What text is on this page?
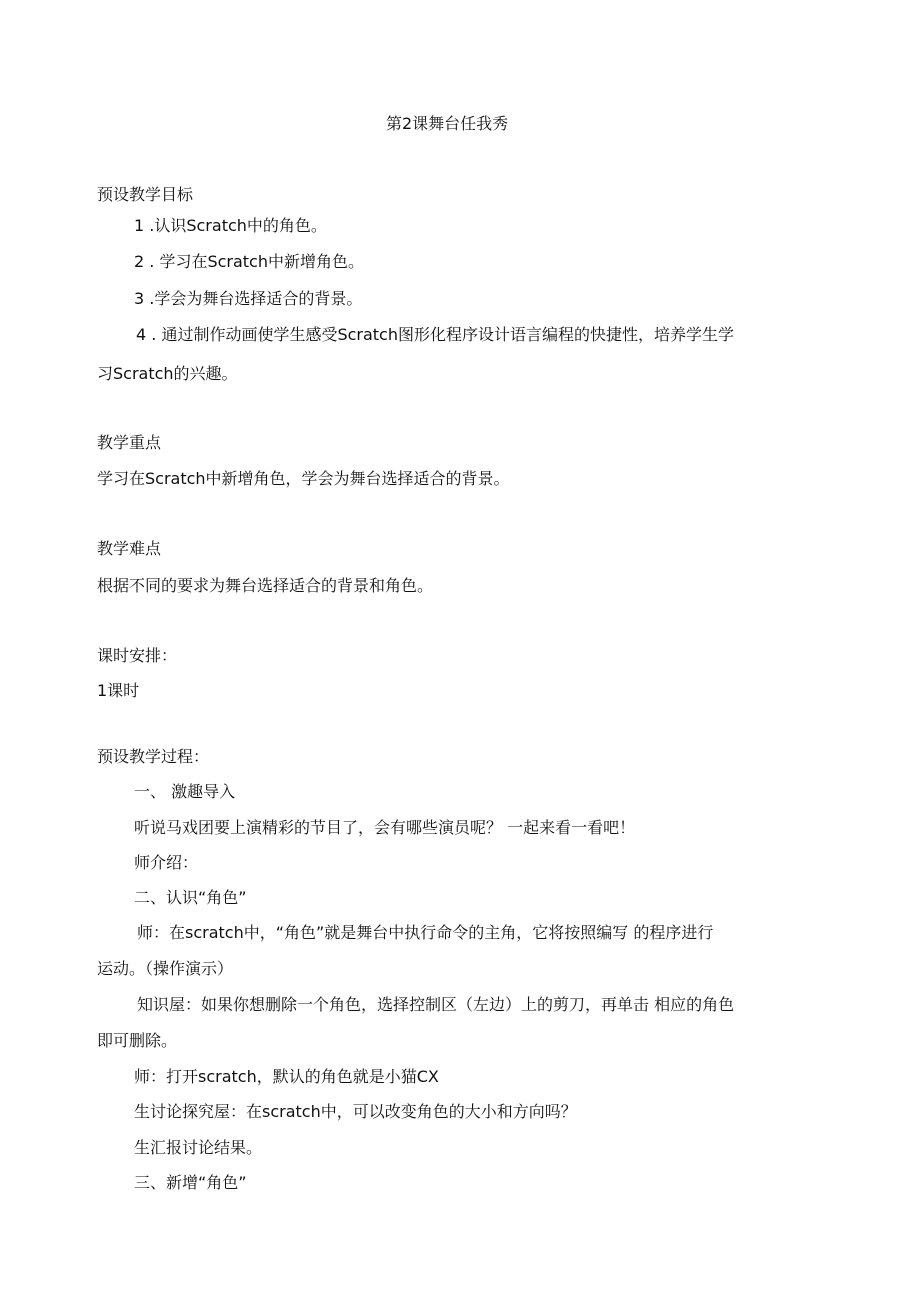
第2课舞台任我秀
预设教学目标
1 .认识Scratch中的角色。
2 . 学习在Scratch中新增角色。
3 .学会为舞台选择适合的背景。
4 . 通过制作动画使学生感受Scratch图形化程序设计语言编程的快捷性，培养学生学
习Scratch的兴趣。
教学重点
学习在Scratch中新增角色，学会为舞台选择适合的背景。
教学难点
根据不同的要求为舞台选择适合的背景和角色。
课时安排：
1课时
预设教学过程：
一、 激趣导入
听说马戏团要上演精彩的节目了，会有哪些演员呢？ 一起来看一看吧！
师介绍：
二、认识“角色”
师：在scratch中，“角色”就是舞台中执行命令的主角，它将按照编写 的程序进行
运动。（操作演示）
知识屋：如果你想删除一个角色，选择控制区（左边）上的剪刀，再单击 相应的角色
即可删除。
师：打开scratch，默认的角色就是小猫CX
生讨论探究屋：在scratch中，可以改变角色的大小和方向吗？
生汇报讨论结果。
三、新增“角色”
